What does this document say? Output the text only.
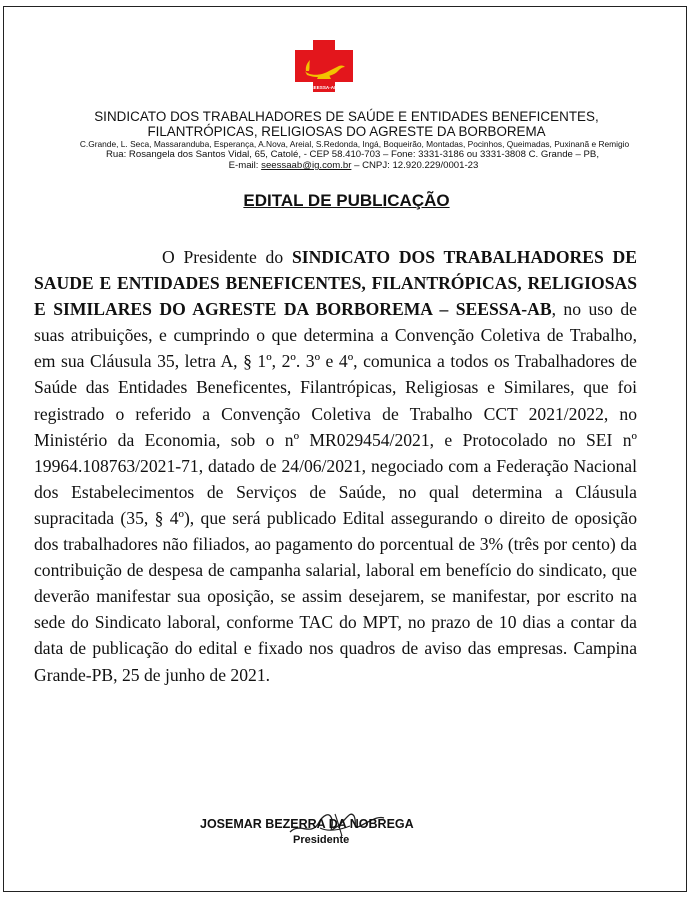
SEESSA-AB
SINDICATO DOS TRABALHADORES DE SAÚDE E ENTIDADES BENEFICENTES,
FILANTRÓPICAS, RELIGIOSAS DO AGRESTE DA BORBOREMA
C.Grande, L. Seca, Massaranduba, Esperança, A.Nova, Areial, S.Redonda, Ingá, Boqueirão, Montadas, Pocinhos, Queimadas, Puxinanã e Remigio
Rua: Rosangela dos Santos Vidal, 65, Catolé, - CEP 58.410-703 – Fone: 3331-3186 ou 3331-3808 C. Grande – PB,
E-mail: seessaab@ig.com.br – CNPJ: 12.920.229/0001-23
EDITAL DE PUBLICAÇÃO
O Presidente do SINDICATO DOS TRABALHADORES DE SAUDE E ENTIDADES BENEFICENTES, FILANTRÓPICAS, RELIGIOSAS E SIMILARES DO AGRESTE DA BORBOREMA – SEESSA-AB, no uso de suas atribuições, e cumprindo o que determina a Convenção Coletiva de Trabalho, em sua Cláusula 35, letra A, § 1º, 2º. 3º e 4º, comunica a todos os Trabalhadores de Saúde das Entidades Beneficentes, Filantrópicas, Religiosas e Similares, que foi registrado o referido a Convenção Coletiva de Trabalho CCT 2021/2022, no Ministério da Economia, sob o nº MR029454/2021, e Protocolado no SEI nº 19964.108763/2021-71, datado de 24/06/2021, negociado com a Federação Nacional dos Estabelecimentos de Serviços de Saúde, no qual determina a Cláusula supracitada (35, § 4º), que será publicado Edital assegurando o direito de oposição dos trabalhadores não filiados, ao pagamento do porcentual de 3% (três por cento) da contribuição de despesa de campanha salarial, laboral em benefício do sindicato, que deverão manifestar sua oposição, se assim desejarem, se manifestar, por escrito na sede do Sindicato laboral, conforme TAC do MPT, no prazo de 10 dias a contar da data de publicação do edital e fixado nos quadros de aviso das empresas. Campina Grande-PB, 25 de junho de 2021.
JOSEMAR BEZERRA DA NOBREGA
Presidente
